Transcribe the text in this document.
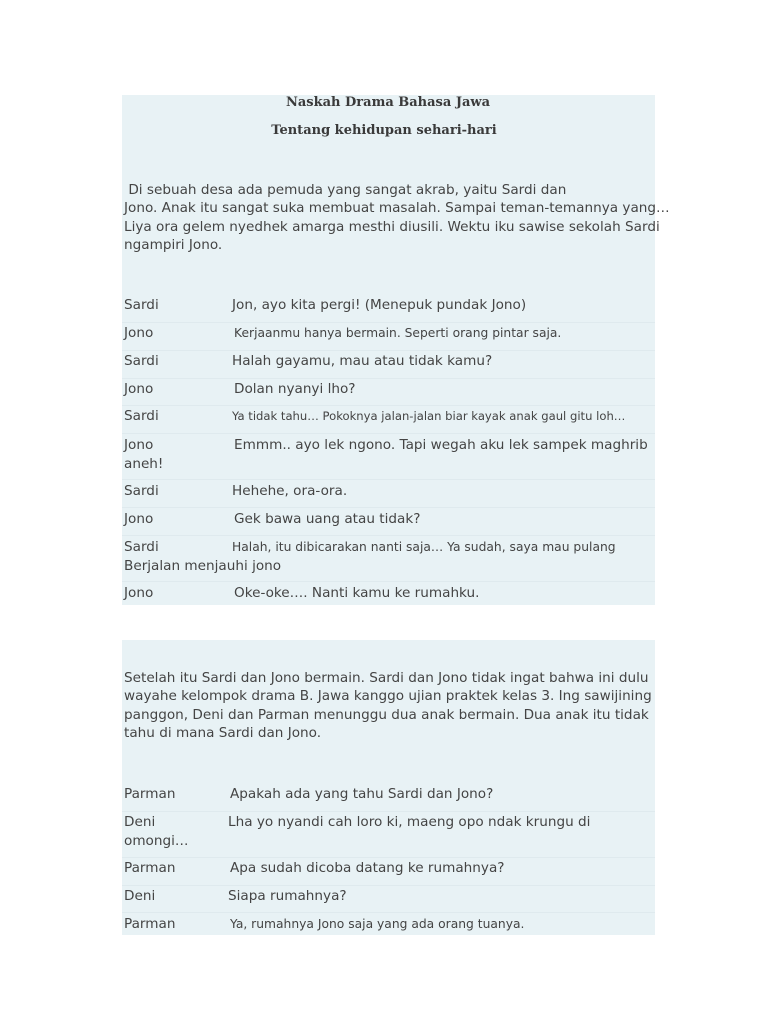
Naskah Drama Bahasa Jawa
Tentang kehidupan sehari-hari
Di sebuah desa ada pemuda yang sangat akrab, yaitu Sardi dan
Jono. Anak itu sangat suka membuat masalah. Sampai teman-temannya yang…
Liya ora gelem nyedhek amarga mesthi diusili. Wektu iku sawise sekolah Sardi
ngampiri Jono.
Sardi	Jon, ayo kita pergi! (Menepuk pundak Jono)
Jono	Kerjaanmu hanya bermain. Seperti orang pintar saja.
Sardi	Halah gayamu, mau atau tidak kamu?
Jono	Dolan nyanyi lho?
Sardi	Ya tidak tahu… Pokoknya jalan-jalan biar kayak anak gaul gitu loh…
Jono	Emmm.. ayo lek ngono. Tapi wegah aku lek sampek maghrib
aneh!
Sardi	Hehehe, ora-ora.
Jono	Gek bawa uang atau tidak?
Sardi	Halah, itu dibicarakan nanti saja… Ya sudah, saya mau pulang
Berjalan menjauhi jono
Jono	Oke-oke…. Nanti kamu ke rumahku.
Setelah itu Sardi dan Jono bermain. Sardi dan Jono tidak ingat bahwa ini dulu
wayahe kelompok drama B. Jawa kanggo ujian praktek kelas 3. Ing sawijining
panggon, Deni dan Parman menunggu dua anak bermain. Dua anak itu tidak
tahu di mana Sardi dan Jono.
Parman	Apakah ada yang tahu Sardi dan Jono?
Deni	Lha yo nyandi cah loro ki, maeng opo ndak krungu di
omongi…
Parman	Apa sudah dicoba datang ke rumahnya?
Deni	Siapa rumahnya?
Parman	Ya, rumahnya Jono saja yang ada orang tuanya.
